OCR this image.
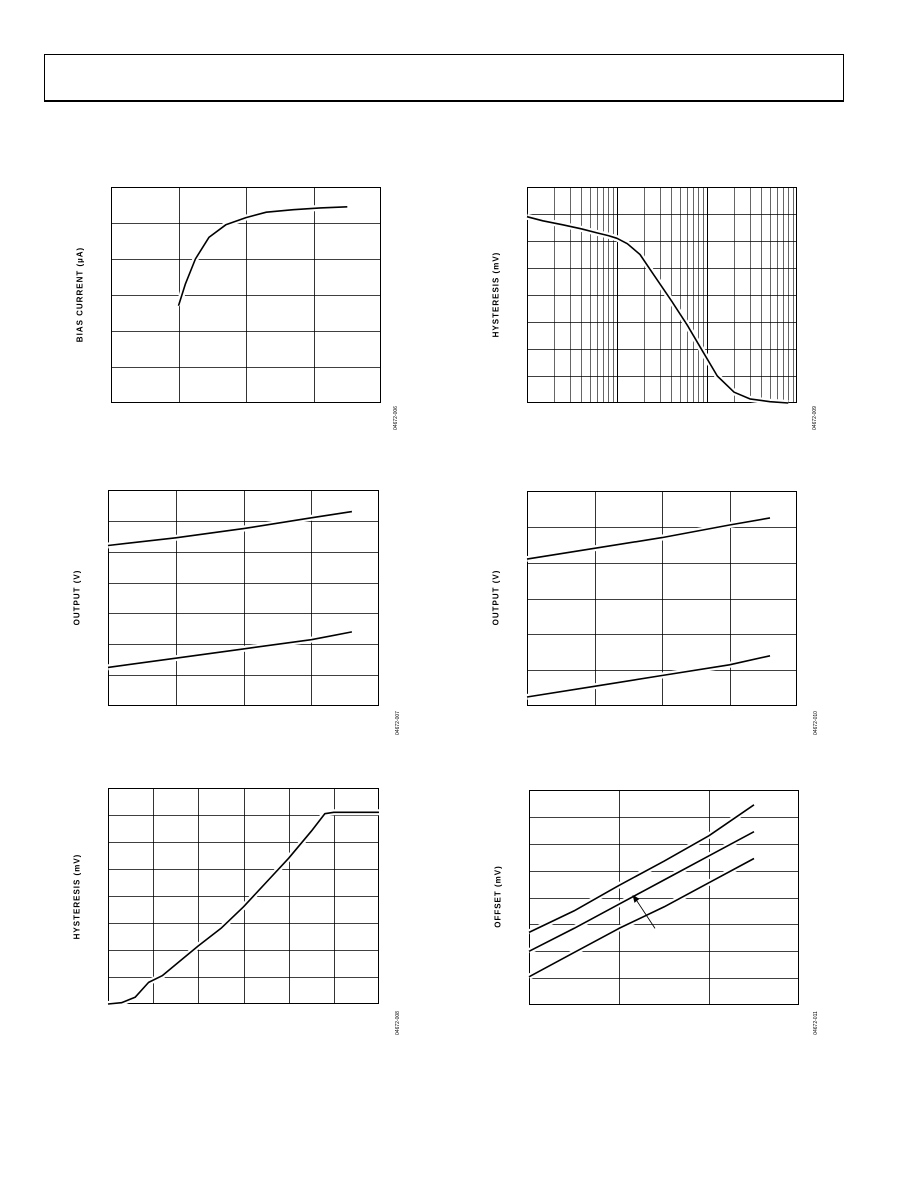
BIAS CURRENT (µA)
04672-006
HYSTERESIS (mV)
04672-009
OUTPUT (V)
04672-007
OUTPUT (V)
04672-010
HYSTERESIS (mV)
04672-008
OFFSET (mV)
04672-011
